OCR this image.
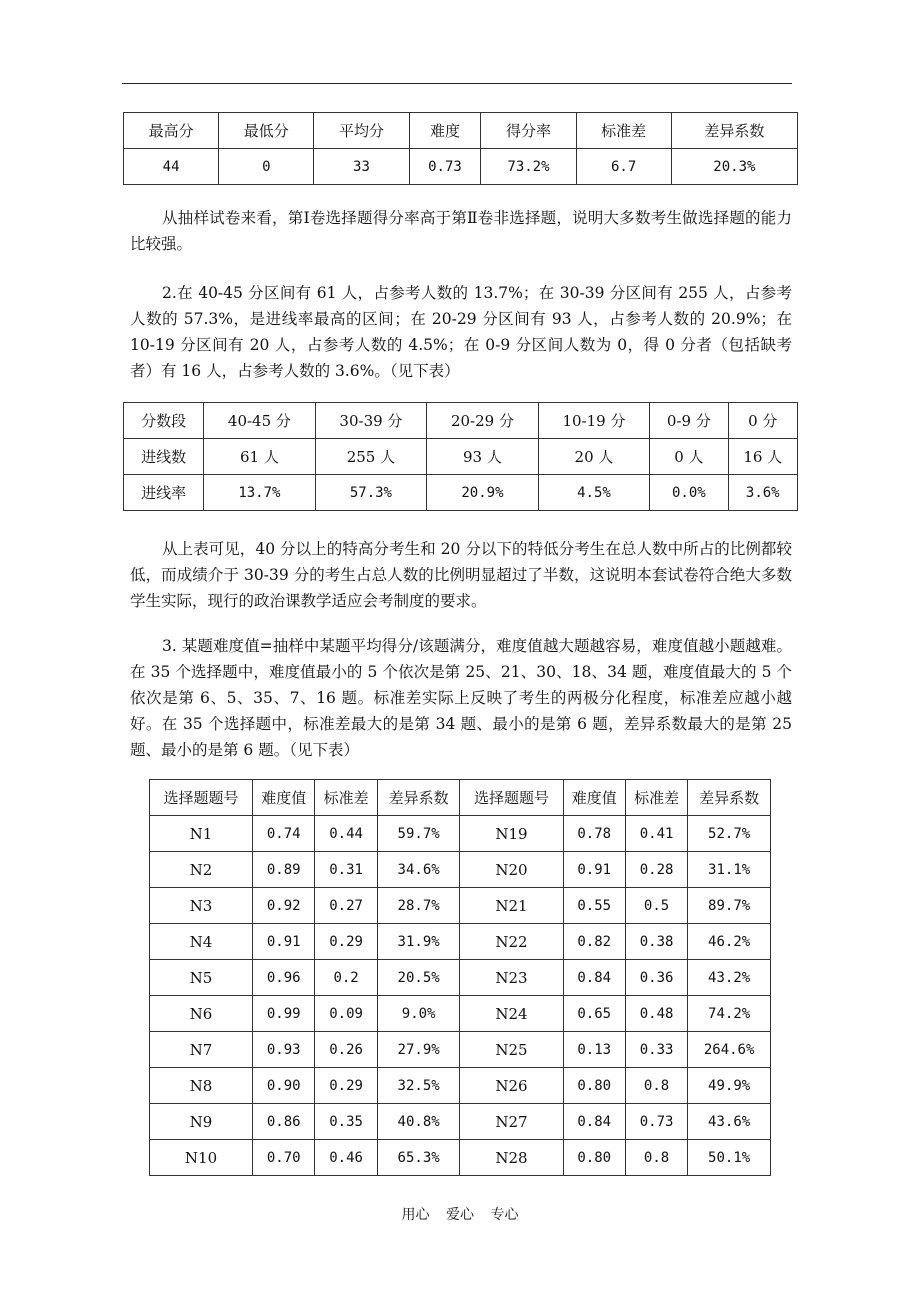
最高分	最低分	平均分	难度	得分率	标准差	差异系数
44	0	33	0.73	73.2%	6.7	20.3%

从抽样试卷来看，第Ⅰ卷选择题得分率高于第Ⅱ卷非选择题，说明大多数考生做选择题的能力比较强。

2.在 40-45 分区间有 61 人，占参考人数的 13.7%；在 30-39 分区间有 255 人，占参考人数的 57.3%，是进线率最高的区间；在 20-29 分区间有 93 人，占参考人数的 20.9%；在 10-19 分区间有 20 人，占参考人数的 4.5%；在 0-9 分区间人数为 0，得 0 分者（包括缺考者）有 16 人，占参考人数的 3.6%。（见下表）

分数段	40-45 分	30-39 分	20-29 分	10-19 分	0-9 分	0 分
进线数	61 人	255 人	93 人	20 人	0 人	16 人
进线率	13.7%	57.3%	20.9%	4.5%	0.0%	3.6%

从上表可见，40 分以上的特高分考生和 20 分以下的特低分考生在总人数中所占的比例都较低，而成绩介于 30-39 分的考生占总人数的比例明显超过了半数，这说明本套试卷符合绝大多数学生实际，现行的政治课教学适应会考制度的要求。

3. 某题难度值=抽样中某题平均得分/该题满分，难度值越大题越容易，难度值越小题越难。在 35 个选择题中，难度值最小的 5 个依次是第 25、21、30、18、34 题，难度值最大的 5 个依次是第 6、5、35、7、16 题。标准差实际上反映了考生的两极分化程度，标准差应越小越好。在 35 个选择题中，标准差最大的是第 34 题、最小的是第 6 题，差异系数最大的是第 25 题、最小的是第 6 题。（见下表）

选择题题号	难度值	标准差	差异系数	选择题题号	难度值	标准差	差异系数
N1	0.74	0.44	59.7%	N19	0.78	0.41	52.7%
N2	0.89	0.31	34.6%	N20	0.91	0.28	31.1%
N3	0.92	0.27	28.7%	N21	0.55	0.5	89.7%
N4	0.91	0.29	31.9%	N22	0.82	0.38	46.2%
N5	0.96	0.2	20.5%	N23	0.84	0.36	43.2%
N6	0.99	0.09	9.0%	N24	0.65	0.48	74.2%
N7	0.93	0.26	27.9%	N25	0.13	0.33	264.6%
N8	0.90	0.29	32.5%	N26	0.80	0.8	49.9%
N9	0.86	0.35	40.8%	N27	0.84	0.73	43.6%
N10	0.70	0.46	65.3%	N28	0.80	0.8	50.1%
用心 爱心 专心
